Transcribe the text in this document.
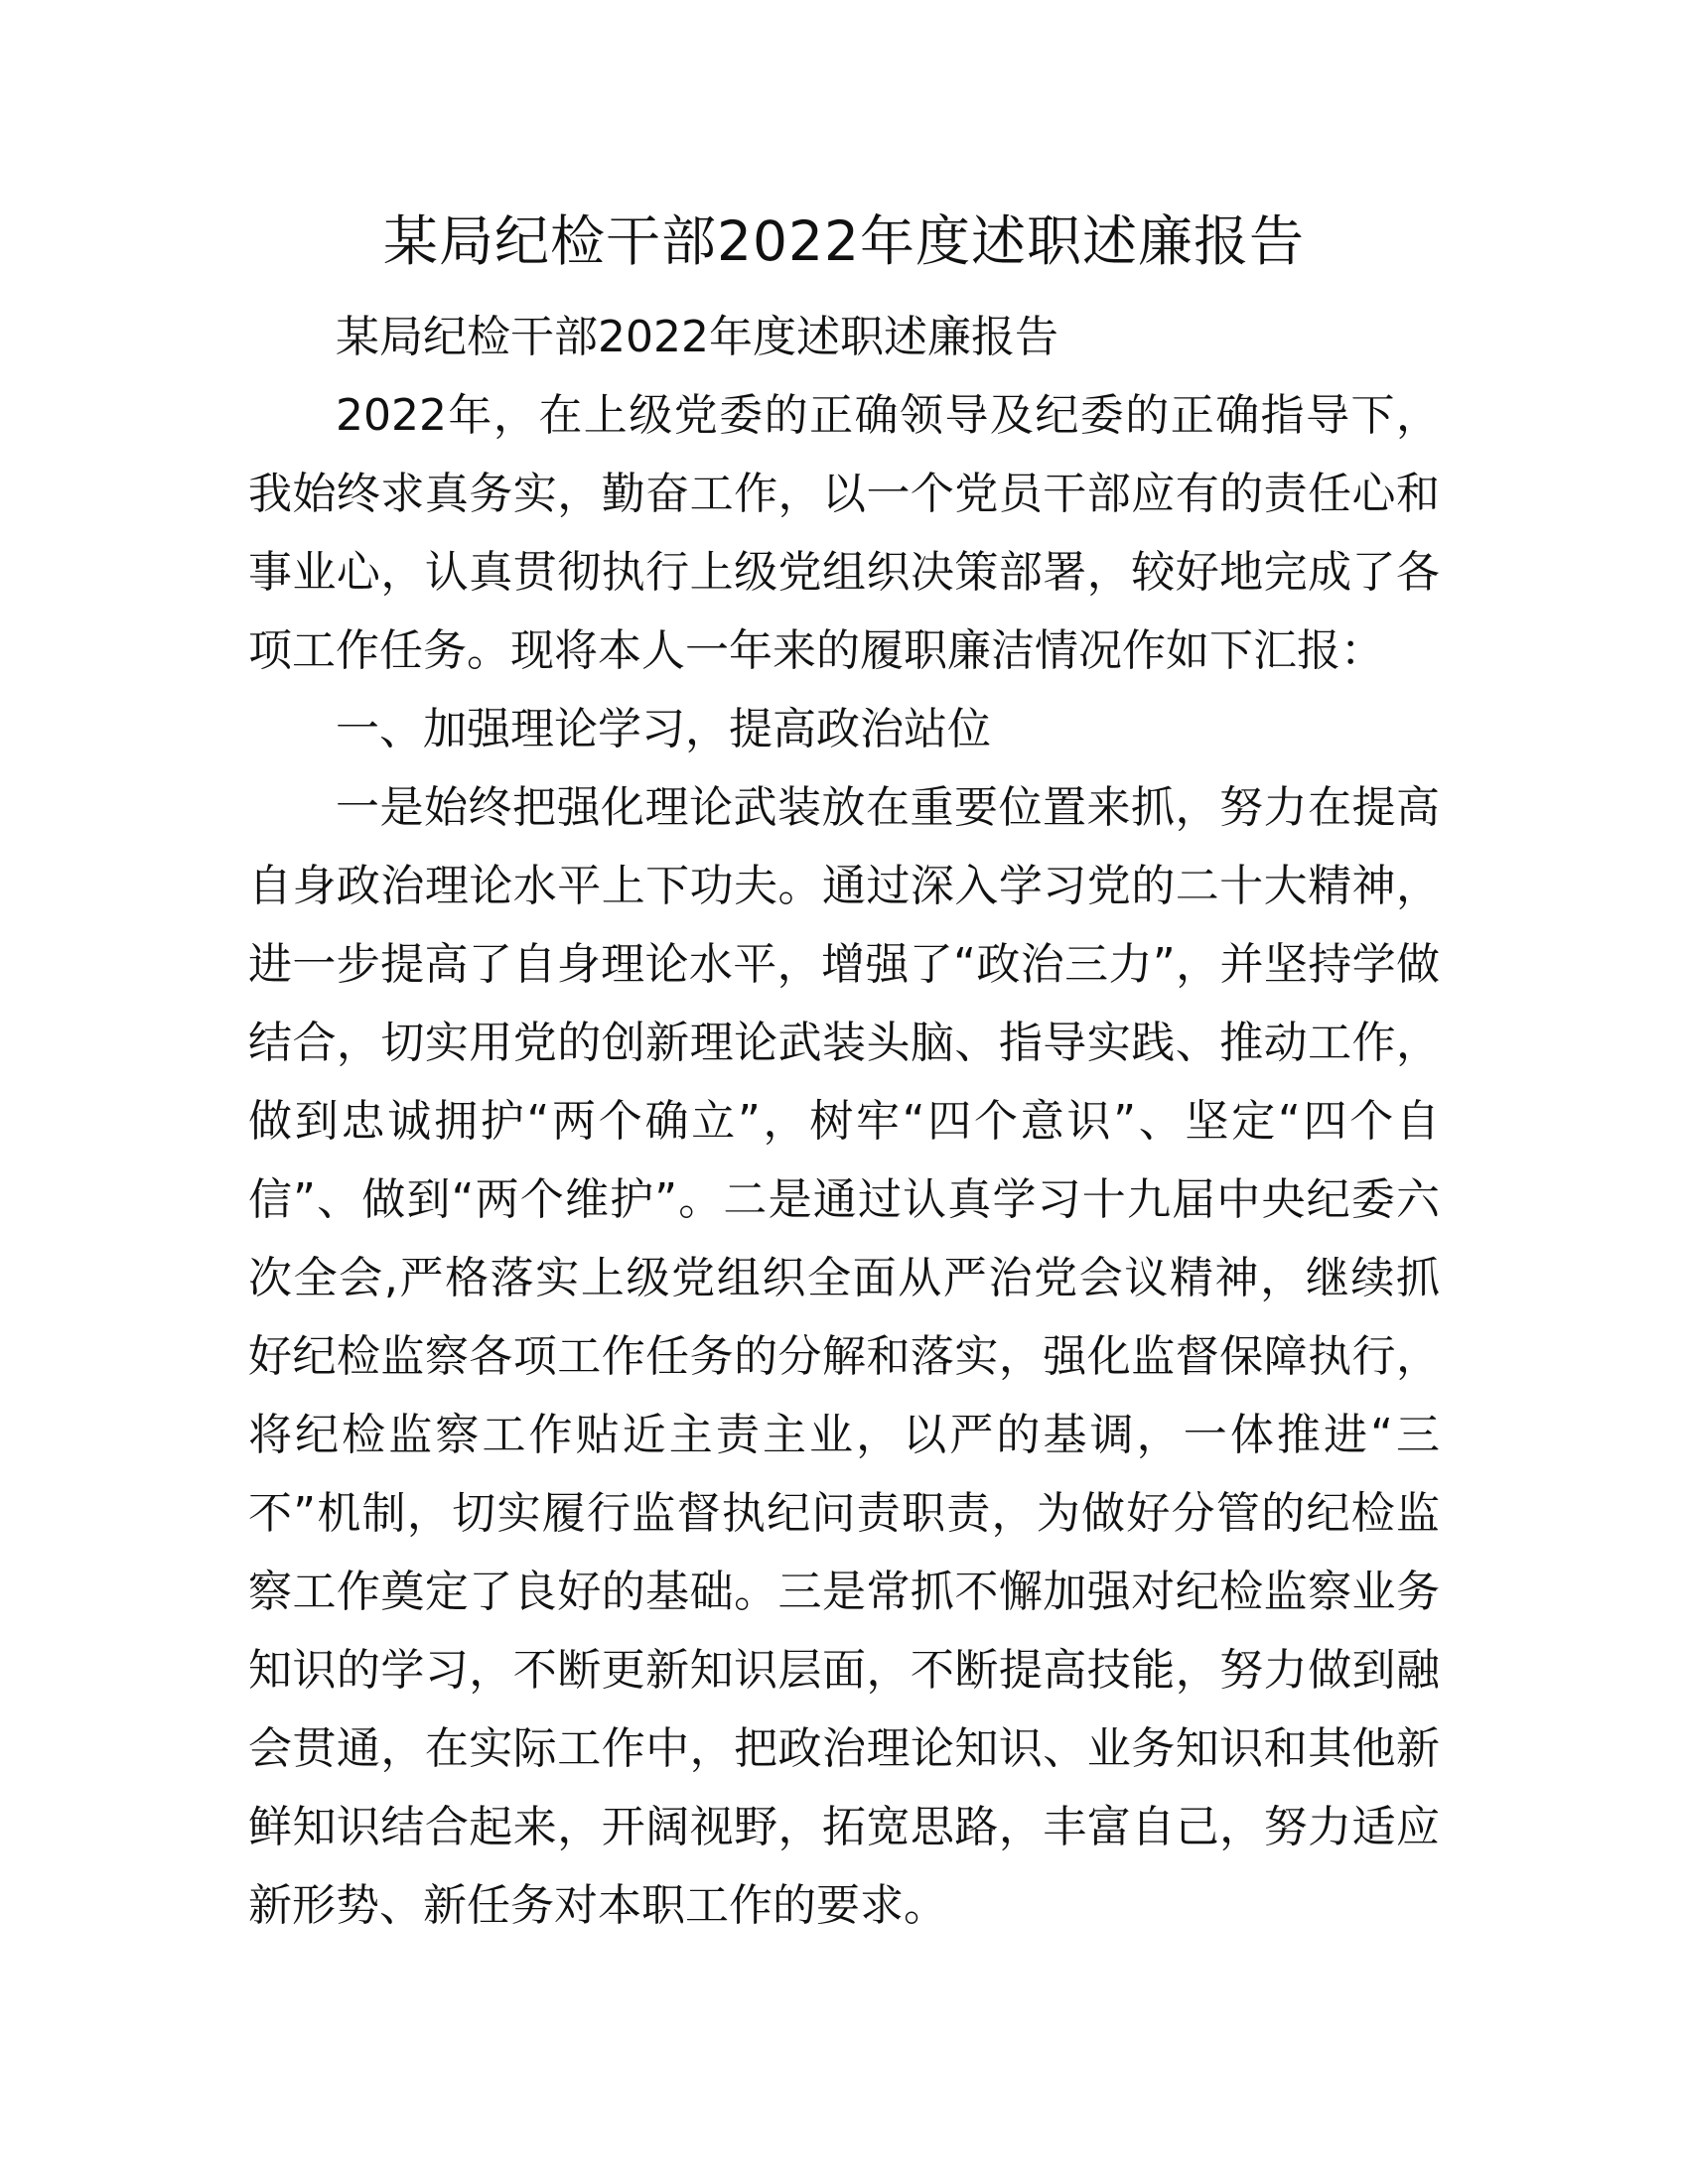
某局纪检干部2022年度述职述廉报告

某局纪检干部2022年度述职述廉报告

2022年，在上级党委的正确领导及纪委的正确指导下，我始终求真务实，勤奋工作，以一个党员干部应有的责任心和事业心，认真贯彻执行上级党组织决策部署，较好地完成了各项工作任务。现将本人一年来的履职廉洁情况作如下汇报：

一、加强理论学习，提高政治站位

一是始终把强化理论武装放在重要位置来抓，努力在提高自身政治理论水平上下功夫。通过深入学习党的二十大精神，进一步提高了自身理论水平，增强了“政治三力”，并坚持学做结合，切实用党的创新理论武装头脑、指导实践、推动工作，做到忠诚拥护“两个确立”，树牢“四个意识”、坚定“四个自信”、做到“两个维护”。二是通过认真学习十九届中央纪委六次全会,严格落实上级党组织全面从严治党会议精神，继续抓好纪检监察各项工作任务的分解和落实，强化监督保障执行，将纪检监察工作贴近主责主业，以严的基调，一体推进“三不”机制，切实履行监督执纪问责职责，为做好分管的纪检监察工作奠定了良好的基础。三是常抓不懈加强对纪检监察业务知识的学习，不断更新知识层面，不断提高技能，努力做到融会贯通，在实际工作中，把政治理论知识、业务知识和其他新鲜知识结合起来，开阔视野，拓宽思路，丰富自己，努力适应新形势、新任务对本职工作的要求。
